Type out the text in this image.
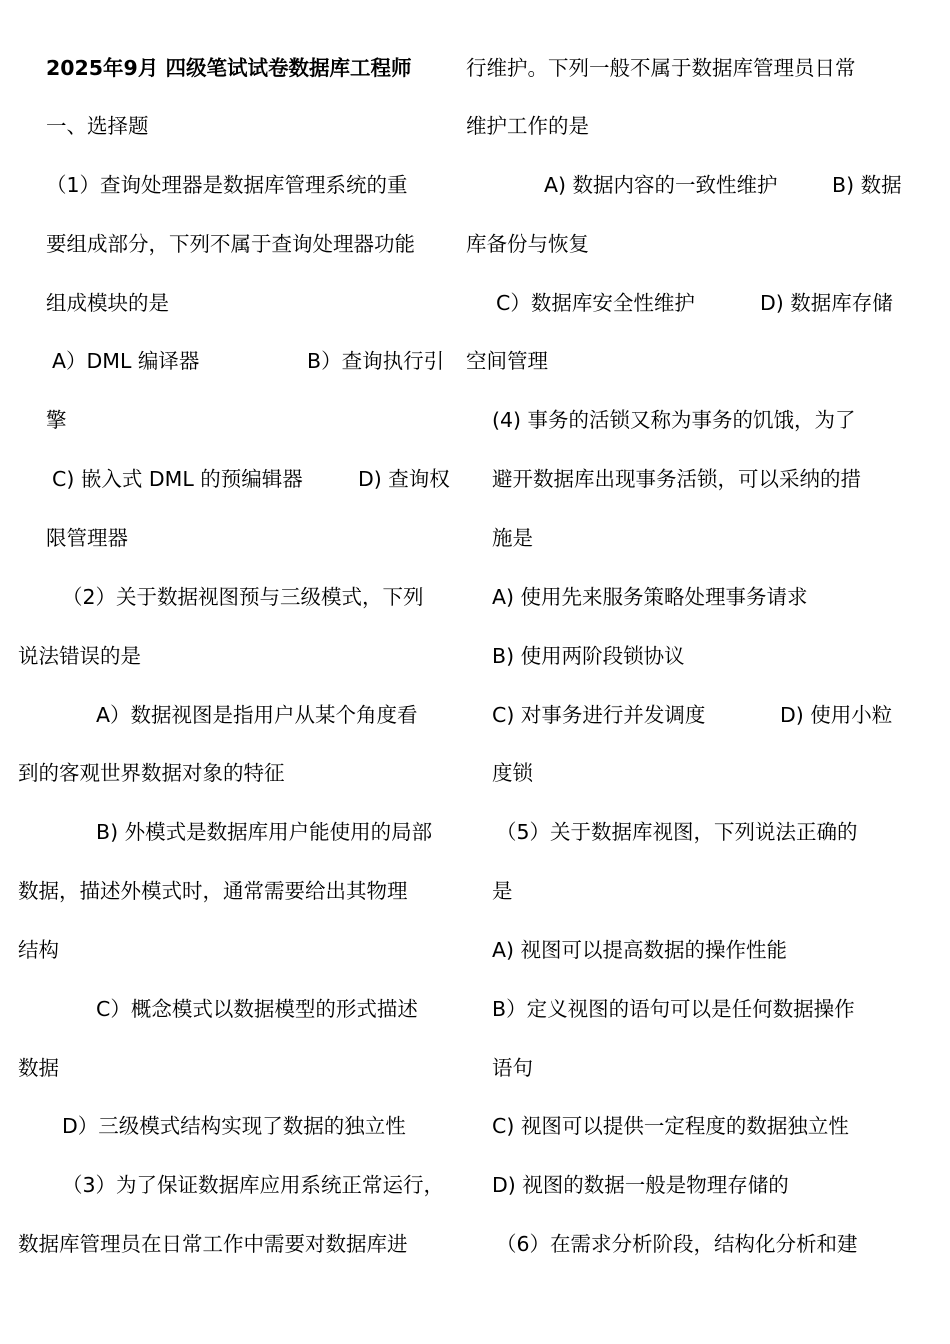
2025年9月 四级笔试试卷数据库工程师
一、选择题
（1）查询处理器是数据库管理系统的重
要组成部分，下列不属于查询处理器功能
组成模块的是
A）DML 编译器	B）查询执行引
擎
C) 嵌入式 DML 的预编辑器	D) 查询权
限管理器
（2）关于数据视图预与三级模式，下列
说法错误的是
A）数据视图是指用户从某个角度看
到的客观世界数据对象的特征
B) 外模式是数据库用户能使用的局部
数据，描述外模式时，通常需要给出其物理
结构
C）概念模式以数据模型的形式描述
数据
D）三级模式结构实现了数据的独立性
（3）为了保证数据库应用系统正常运行，
数据库管理员在日常工作中需要对数据库进
行维护。下列一般不属于数据库管理员日常
维护工作的是
A) 数据内容的一致性维护	B) 数据
库备份与恢复
C）数据库安全性维护	D) 数据库存储
空间管理
(4) 事务的活锁又称为事务的饥饿，为了
避开数据库出现事务活锁，可以采纳的措
施是
A) 使用先来服务策略处理事务请求
B) 使用两阶段锁协议
C) 对事务进行并发调度	D) 使用小粒
度锁
（5）关于数据库视图，下列说法正确的
是
A) 视图可以提高数据的操作性能
B）定义视图的语句可以是任何数据操作
语句
C) 视图可以提供一定程度的数据独立性
D) 视图的数据一般是物理存储的
（6）在需求分析阶段，结构化分析和建
